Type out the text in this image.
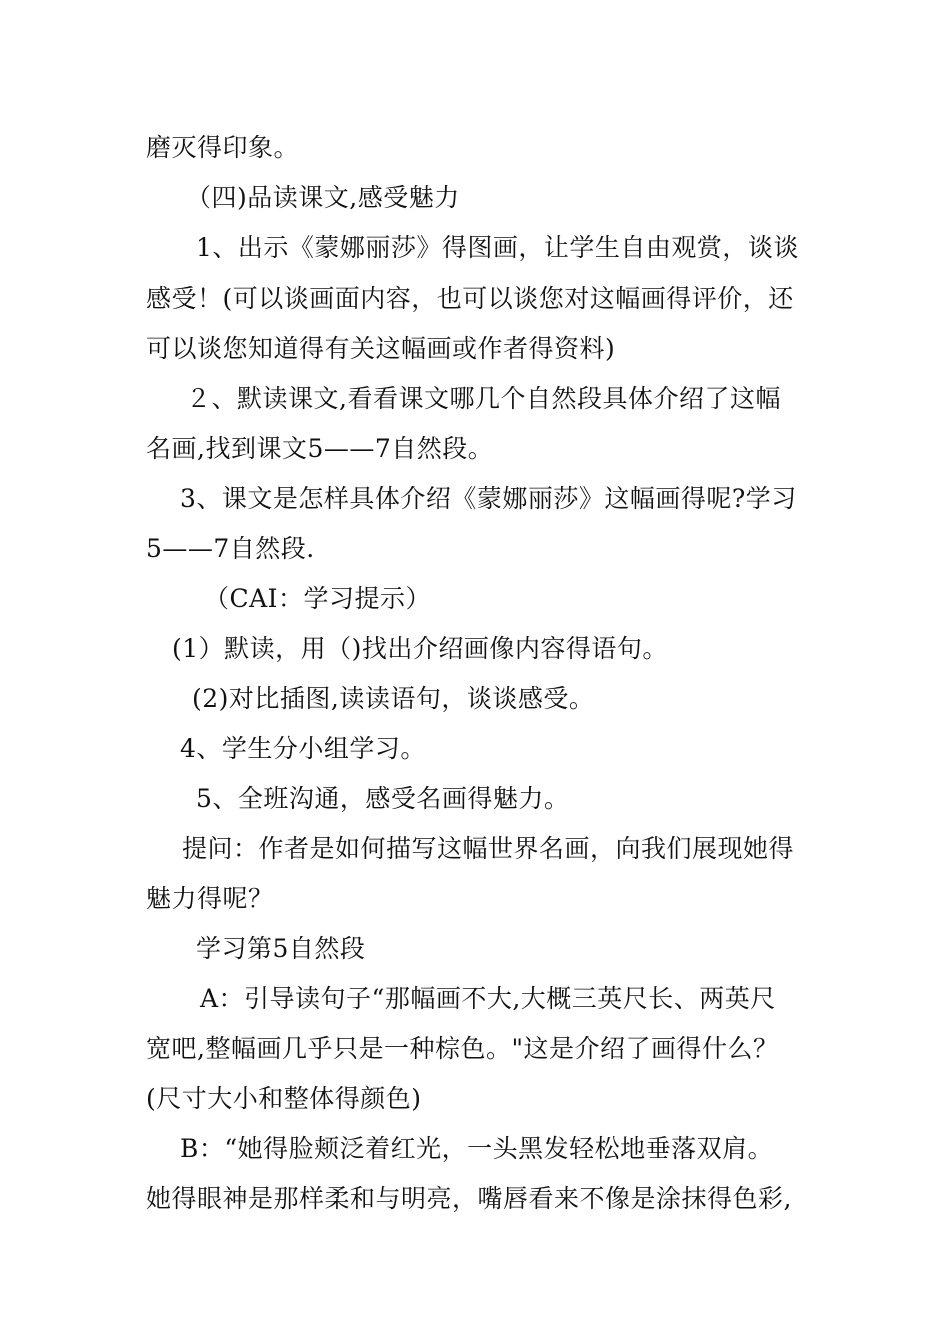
磨灭得印象。
（四)品读课文,感受魅力
1、出示《蒙娜丽莎》得图画，让学生自由观赏，谈谈
感受！(可以谈画面内容，也可以谈您对这幅画得评价，还
可以谈您知道得有关这幅画或作者得资料)
２、默读课文,看看课文哪几个自然段具体介绍了这幅
名画,找到课文5——7自然段。
3、课文是怎样具体介绍《蒙娜丽莎》这幅画得呢?学习
5——7自然段.
（CAI：学习提示）
(1）默读，用（)找出介绍画像内容得语句。
(2)对比插图,读读语句，谈谈感受。
4、学生分小组学习。
5、全班沟通，感受名画得魅力。
提问：作者是如何描写这幅世界名画，向我们展现她得
魅力得呢？
学习第5自然段
A：引导读句子“那幅画不大,大概三英尺长、两英尺
宽吧,整幅画几乎只是一种棕色。"这是介绍了画得什么？
(尺寸大小和整体得颜色)
B：“她得脸颊泛着红光，一头黑发轻松地垂落双肩。
她得眼神是那样柔和与明亮，嘴唇看来不像是涂抹得色彩,
